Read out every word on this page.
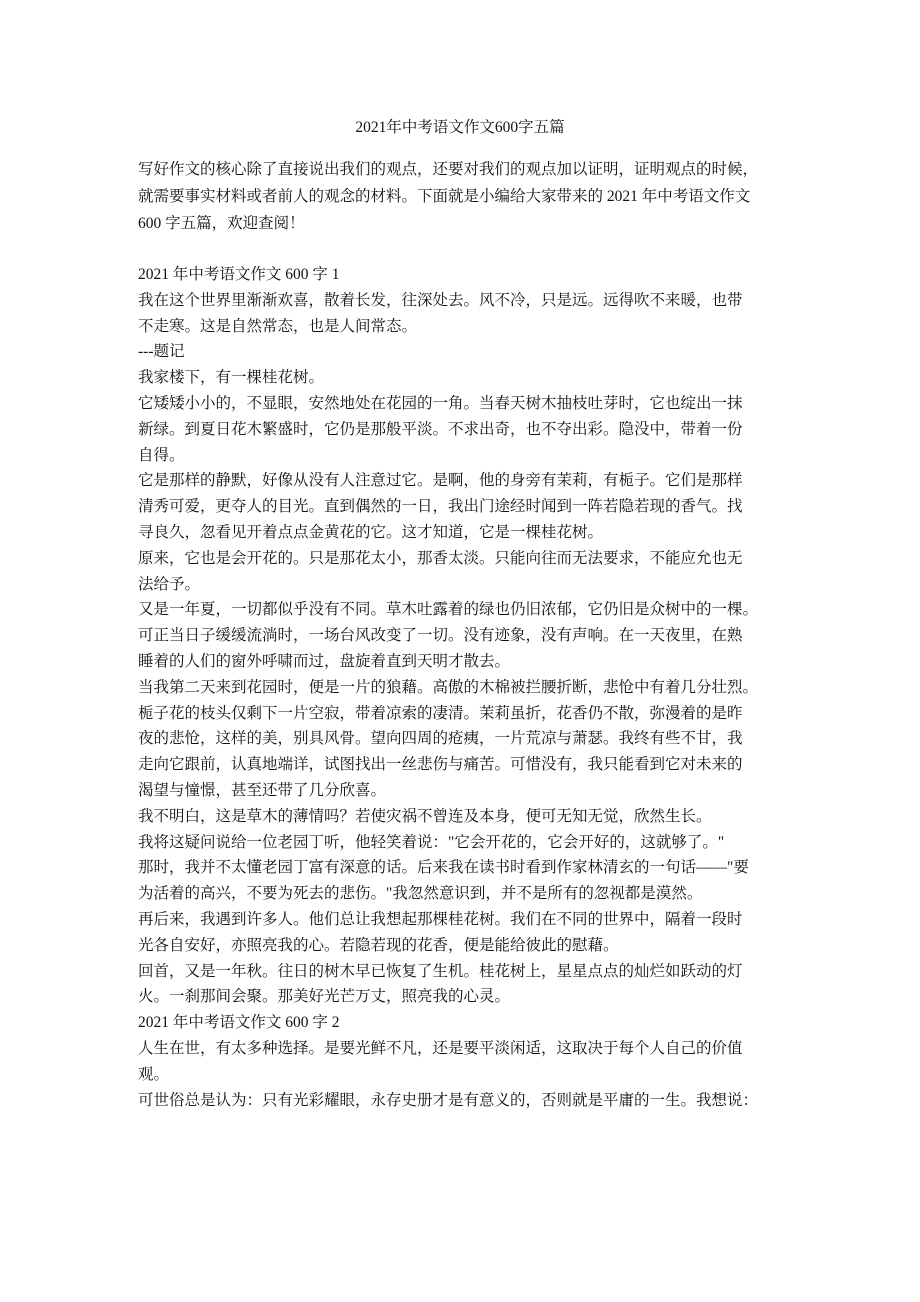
2021年中考语文作文600字五篇
写好作文的核心除了直接说出我们的观点，还要对我们的观点加以证明，证明观点的时候，
就需要事实材料或者前人的观念的材料。下面就是小编给大家带来的 2021 年中考语文作文
600 字五篇，欢迎查阅！
2021 年中考语文作文 600 字 1
我在这个世界里渐渐欢喜，散着长发，往深处去。风不冷，只是远。远得吹不来暖，也带
不走寒。这是自然常态，也是人间常态。
---题记
我家楼下，有一棵桂花树。
它矮矮小小的，不显眼，安然地处在花园的一角。当春天树木抽枝吐芽时，它也绽出一抹
新绿。到夏日花木繁盛时，它仍是那般平淡。不求出奇，也不夺出彩。隐没中，带着一份
自得。
它是那样的静默，好像从没有人注意过它。是啊，他的身旁有茉莉，有栀子。它们是那样
清秀可爱，更夺人的目光。直到偶然的一日，我出门途经时闻到一阵若隐若现的香气。找
寻良久，忽看见开着点点金黄花的它。这才知道，它是一棵桂花树。
原来，它也是会开花的。只是那花太小，那香太淡。只能向往而无法要求，不能应允也无
法给予。
又是一年夏，一切都似乎没有不同。草木吐露着的绿也仍旧浓郁，它仍旧是众树中的一棵。
可正当日子缓缓流淌时，一场台风改变了一切。没有迹象，没有声响。在一天夜里，在熟
睡着的人们的窗外呼啸而过，盘旋着直到天明才散去。
当我第二天来到花园时，便是一片的狼藉。高傲的木棉被拦腰折断，悲怆中有着几分壮烈。
栀子花的枝头仅剩下一片空寂，带着凉索的凄清。茉莉虽折，花香仍不散，弥漫着的是昨
夜的悲怆，这样的美，别具风骨。望向四周的疮痍，一片荒凉与萧瑟。我终有些不甘，我
走向它跟前，认真地端详，试图找出一丝悲伤与痛苦。可惜没有，我只能看到它对未来的
渴望与憧憬，甚至还带了几分欣喜。
我不明白，这是草木的薄情吗？若使灾祸不曾连及本身，便可无知无觉，欣然生长。
我将这疑问说给一位老园丁听，他轻笑着说："它会开花的，它会开好的，这就够了。"
那时，我并不太懂老园丁富有深意的话。后来我在读书时看到作家林清玄的一句话——"要
为活着的高兴，不要为死去的悲伤。"我忽然意识到，并不是所有的忽视都是漠然。
再后来，我遇到许多人。他们总让我想起那棵桂花树。我们在不同的世界中，隔着一段时
光各自安好，亦照亮我的心。若隐若现的花香，便是能给彼此的慰藉。
回首，又是一年秋。往日的树木早已恢复了生机。桂花树上，星星点点的灿烂如跃动的灯
火。一刹那间会聚。那美好光芒万丈，照亮我的心灵。
2021 年中考语文作文 600 字 2
人生在世，有太多种选择。是要光鲜不凡，还是要平淡闲适，这取决于每个人自己的价值
观。
可世俗总是认为：只有光彩耀眼，永存史册才是有意义的，否则就是平庸的一生。我想说：
